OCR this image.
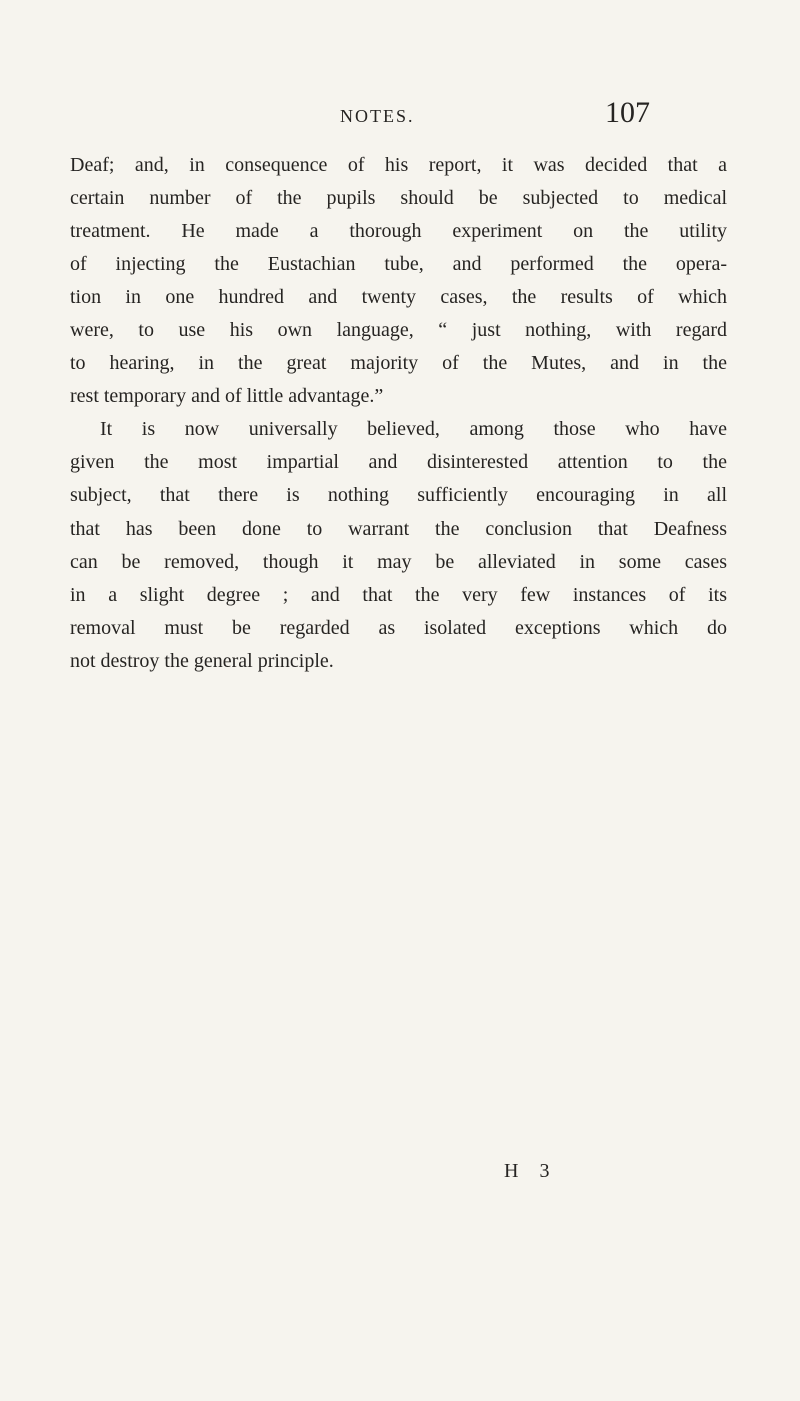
NOTES.	107
Deaf; and, in consequence of his report, it was decided that a
certain number of the pupils should be subjected to medical
treatment. He made a thorough experiment on the utility
of injecting the Eustachian tube, and performed the opera-
tion in one hundred and twenty cases, the results of which
were, to use his own language, “ just nothing, with regard
to hearing, in the great majority of the Mutes, and in the
rest temporary and of little advantage.”
It is now universally believed, among those who have
given the most impartial and disinterested attention to the
subject, that there is nothing sufficiently encouraging in all
that has been done to warrant the conclusion that Deafness
can be removed, though it may be alleviated in some cases
in a slight degree ; and that the very few instances of its
removal must be regarded as isolated exceptions which do
not destroy the general principle.
H 3
